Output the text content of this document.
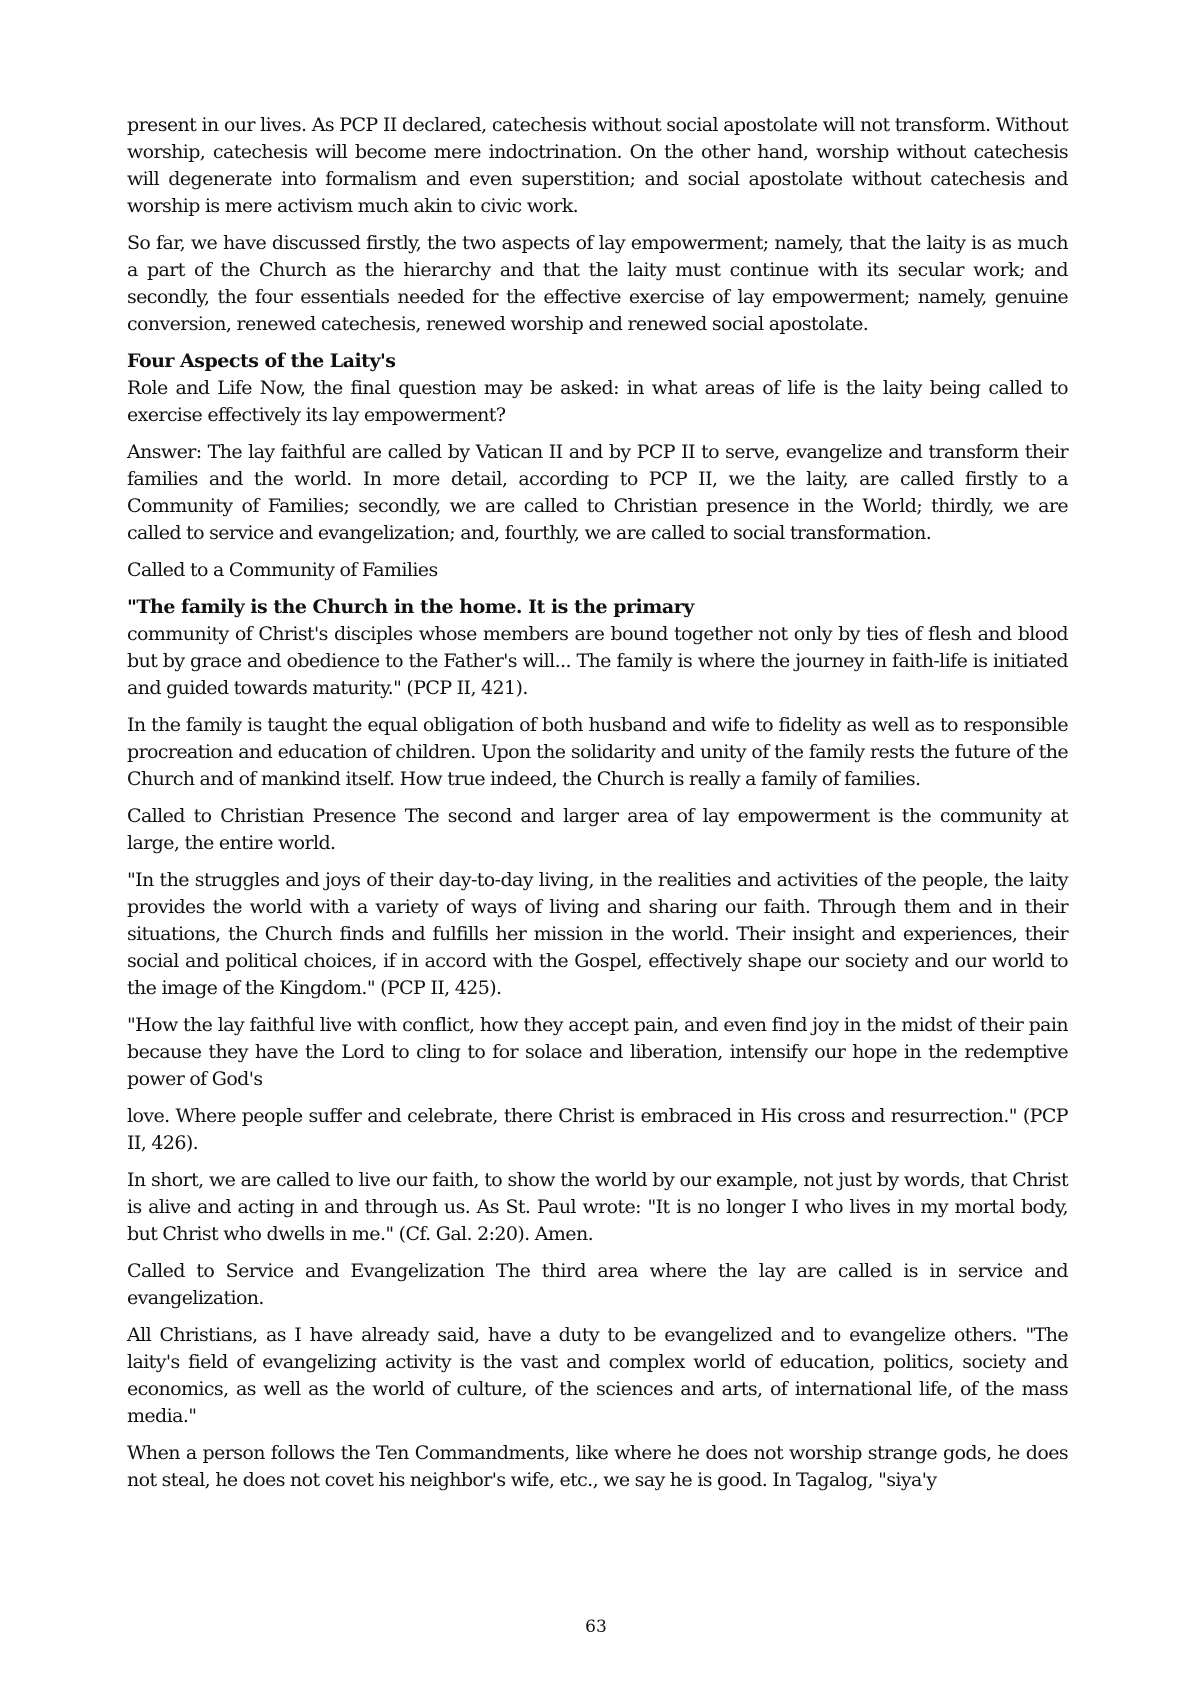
present in our lives. As PCP II declared, catechesis without social apostolate will not transform. Without worship, catechesis will become mere indoctrination. On the other hand, worship without catechesis will degenerate into formalism and even superstition; and social apostolate without catechesis and worship is mere activism much akin to civic work.

So far, we have discussed firstly, the two aspects of lay empowerment; namely, that the laity is as much a part of the Church as the hierarchy and that the laity must continue with its secular work; and secondly, the four essentials needed for the effective exercise of lay empowerment; namely, genuine conversion, renewed catechesis, renewed worship and renewed social apostolate.

Four Aspects of the Laity's

Role and Life Now, the final question may be asked: in what areas of life is the laity being called to exercise effectively its lay empowerment?

Answer: The lay faithful are called by Vatican II and by PCP II to serve, evangelize and transform their families and the world. In more detail, according to PCP II, we the laity, are called firstly to a Community of Families; secondly, we are called to Christian presence in the World; thirdly, we are called to service and evangelization; and, fourthly, we are called to social transformation.

Called to a Community of Families

"The family is the Church in the home. It is the primary

community of Christ's disciples whose members are bound together not only by ties of flesh and blood but by grace and obedience to the Father's will... The family is where the journey in faith-life is initiated and guided towards maturity." (PCP II, 421).

In the family is taught the equal obligation of both husband and wife to fidelity as well as to responsible procreation and education of children. Upon the solidarity and unity of the family rests the future of the Church and of mankind itself. How true indeed, the Church is really a family of families.

Called to Christian Presence The second and larger area of lay empowerment is the community at large, the entire world.

"In the struggles and joys of their day-to-day living, in the realities and activities of the people, the laity provides the world with a variety of ways of living and sharing our faith. Through them and in their situations, the Church finds and fulfills her mission in the world. Their insight and experiences, their social and political choices, if in accord with the Gospel, effectively shape our society and our world to the image of the Kingdom." (PCP II, 425).

"How the lay faithful live with conflict, how they accept pain, and even find joy in the midst of their pain because they have the Lord to cling to for solace and liberation, intensify our hope in the redemptive power of God's

love. Where people suffer and celebrate, there Christ is embraced in His cross and resurrection." (PCP II, 426).

In short, we are called to live our faith, to show the world by our example, not just by words, that Christ is alive and acting in and through us. As St. Paul wrote: "It is no longer I who lives in my mortal body, but Christ who dwells in me." (Cf. Gal. 2:20). Amen.

Called to Service and Evangelization The third area where the lay are called is in service and evangelization.

All Christians, as I have already said, have a duty to be evangelized and to evangelize others. "The laity's field of evangelizing activity is the vast and complex world of education, politics, society and economics, as well as the world of culture, of the sciences and arts, of international life, of the mass media."

When a person follows the Ten Commandments, like where he does not worship strange gods, he does not steal, he does not covet his neighbor's wife, etc., we say he is good. In Tagalog, "siya'y

63
